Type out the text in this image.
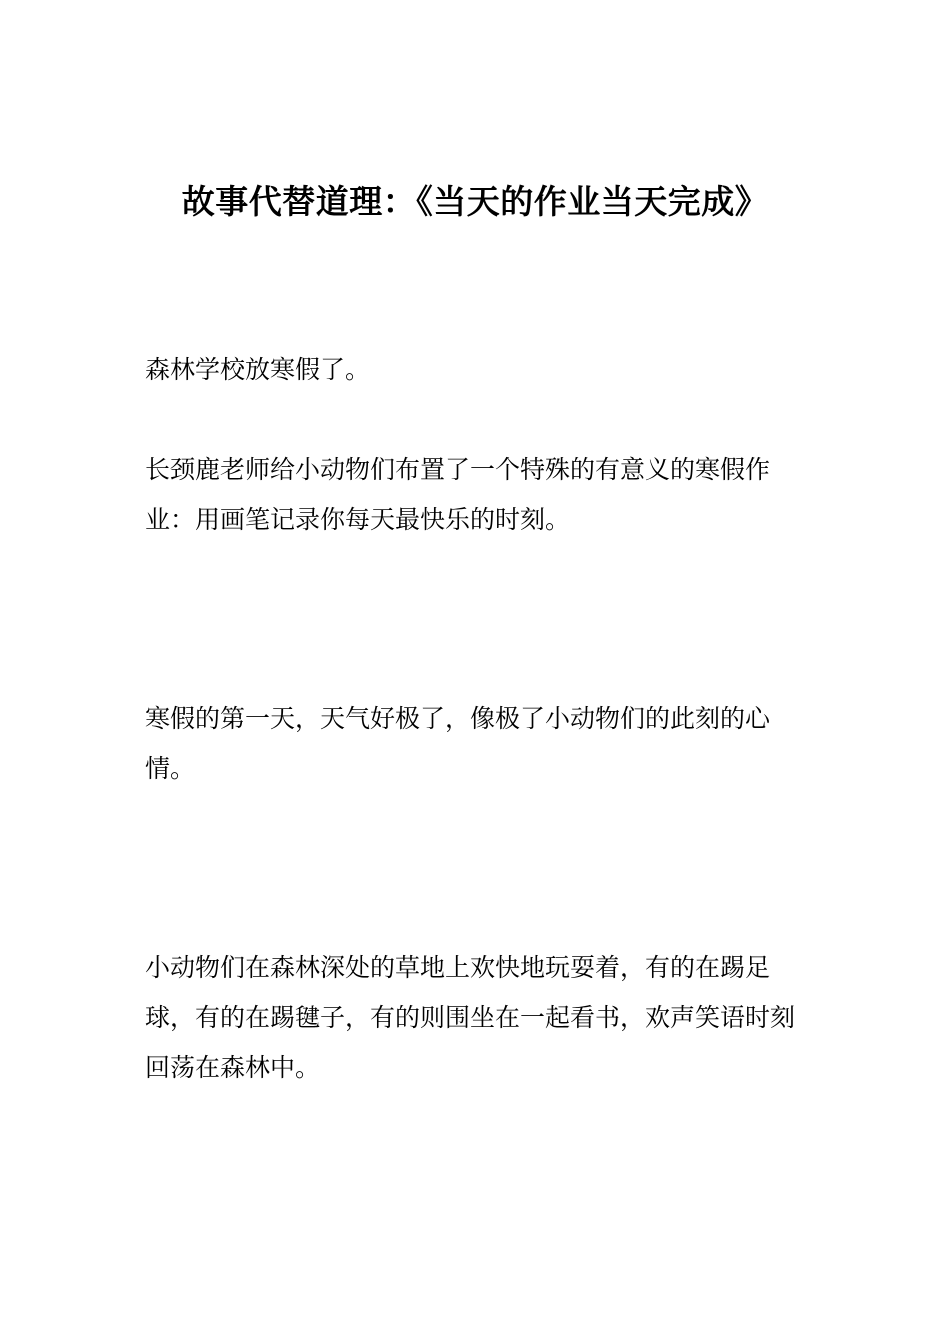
故事代替道理：《当天的作业当天完成》

森林学校放寒假了。

长颈鹿老师给小动物们布置了一个特殊的有意义的寒假作业：用画笔记录你每天最快乐的时刻。

寒假的第一天，天气好极了，像极了小动物们的此刻的心情。

小动物们在森林深处的草地上欢快地玩耍着，有的在踢足球，有的在踢毽子，有的则围坐在一起看书，欢声笑语时刻回荡在森林中。
